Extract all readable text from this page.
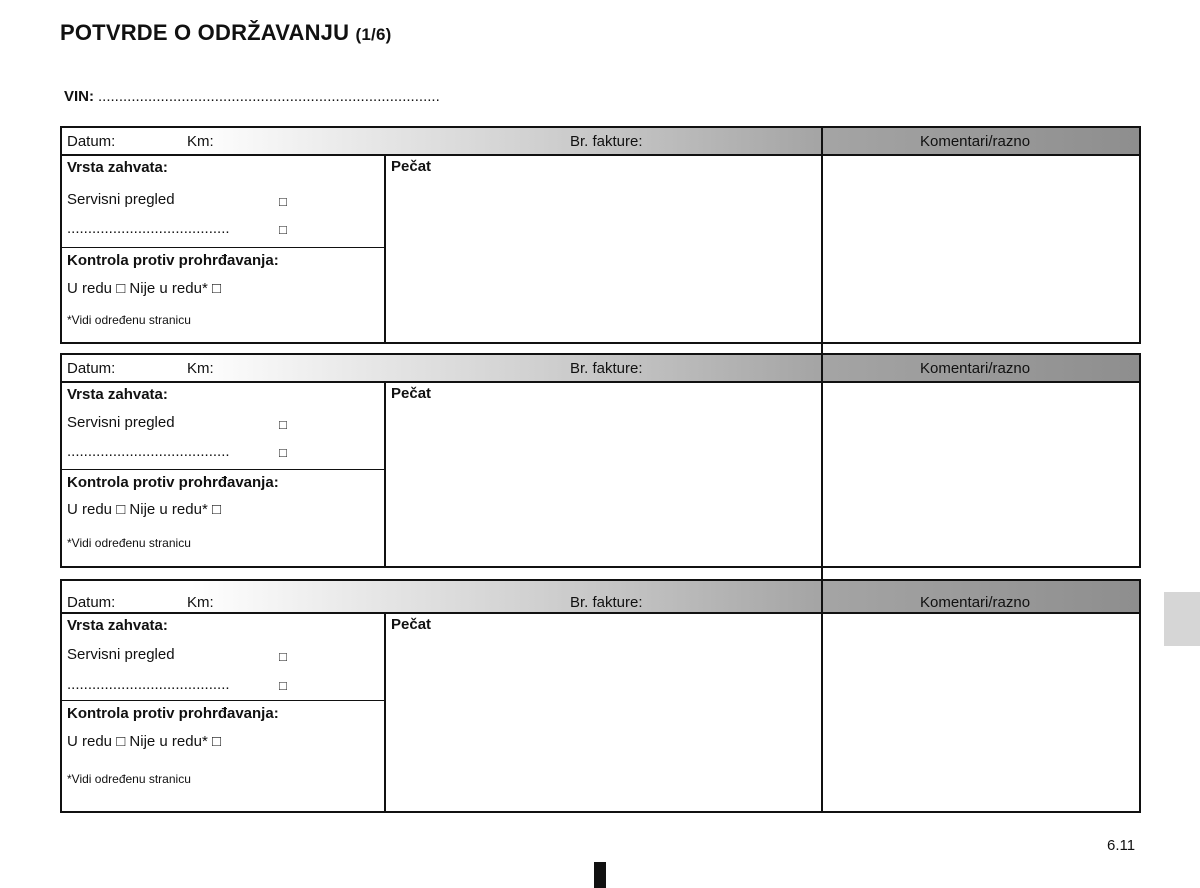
POTVRDE O ODRŽAVANJU (1/6)
VIN: ..................................................................................
Datum:	Km:	Br. fakture:	Komentari/razno
Vrsta zahvata:
Servisni pregled	□
.......................................	□
Kontrola protiv prohrđavanja:
U redu □ Nije u redu* □
*Vidi određenu stranicu
Pečat
Datum:	Km:	Br. fakture:	Komentari/razno
Vrsta zahvata:
Servisni pregled	□
.......................................	□
Kontrola protiv prohrđavanja:
U redu □ Nije u redu* □
*Vidi određenu stranicu
Pečat
Datum:	Km:	Br. fakture:	Komentari/razno
Vrsta zahvata:
Servisni pregled	□
.......................................	□
Kontrola protiv prohrđavanja:
U redu □ Nije u redu* □
*Vidi određenu stranicu
Pečat
6.11
